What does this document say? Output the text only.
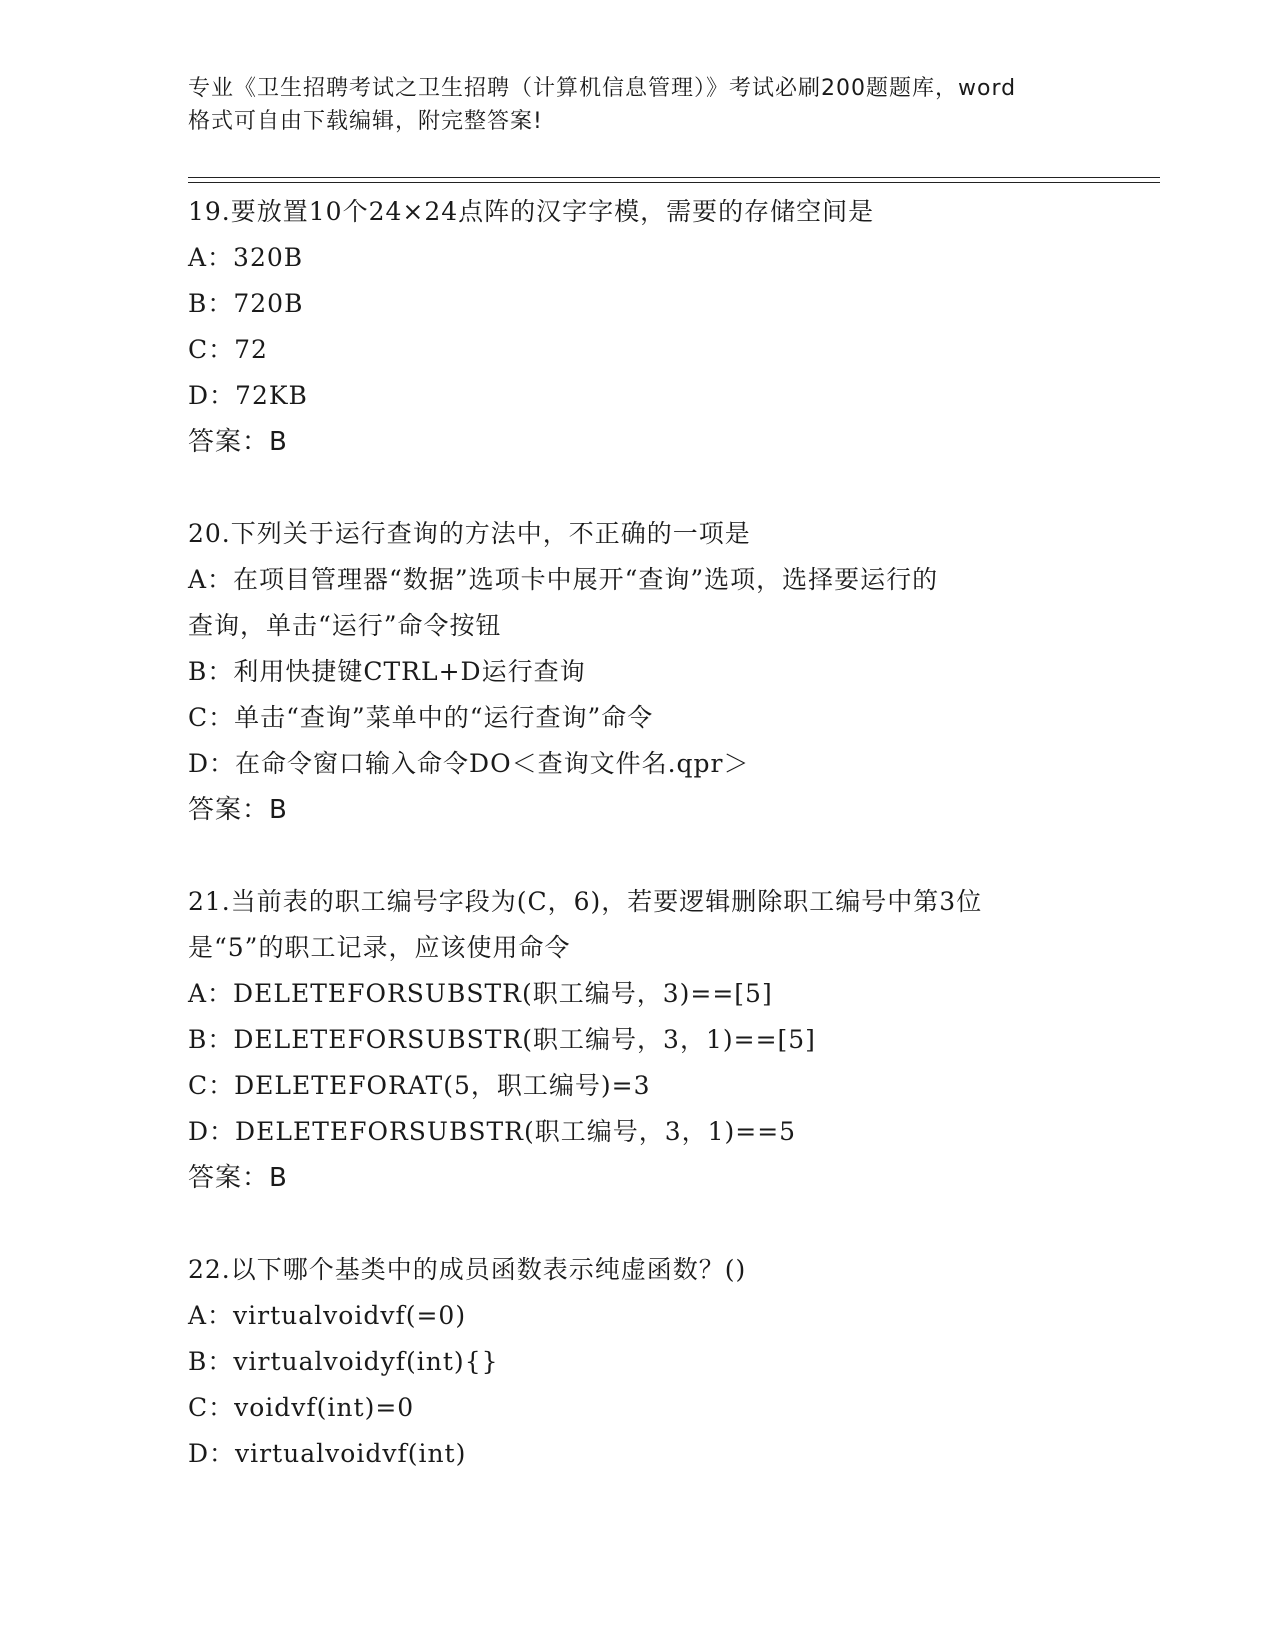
专业《卫生招聘考试之卫生招聘（计算机信息管理）》考试必刷200题题库，word
格式可自由下载编辑，附完整答案!
19.要放置10个24×24点阵的汉字字模，需要的存储空间是
A：320B
B：720B
C：72
D：72KB
答案：B
20.下列关于运行查询的方法中，不正确的一项是
A：在项目管理器“数据”选项卡中展开“查询”选项，选择要运行的
查询，单击“运行”命令按钮
B：利用快捷键CTRL+D运行查询
C：单击“查询”菜单中的“运行查询”命令
D：在命令窗口输入命令DO＜查询文件名.qpr＞
答案：B
21.当前表的职工编号字段为(C，6)，若要逻辑删除职工编号中第3位
是“5”的职工记录，应该使用命令
A：DELETEFORSUBSTR(职工编号，3)==[5]
B：DELETEFORSUBSTR(职工编号，3，1)==[5]
C：DELETEFORAT(5，职工编号)=3
D：DELETEFORSUBSTR(职工编号，3，1)==5
答案：B
22.以下哪个基类中的成员函数表示纯虚函数？()
A：virtualvoidvf(=0)
B：virtualvoidyf(int){}
C：voidvf(int)=0
D：virtualvoidvf(int)
